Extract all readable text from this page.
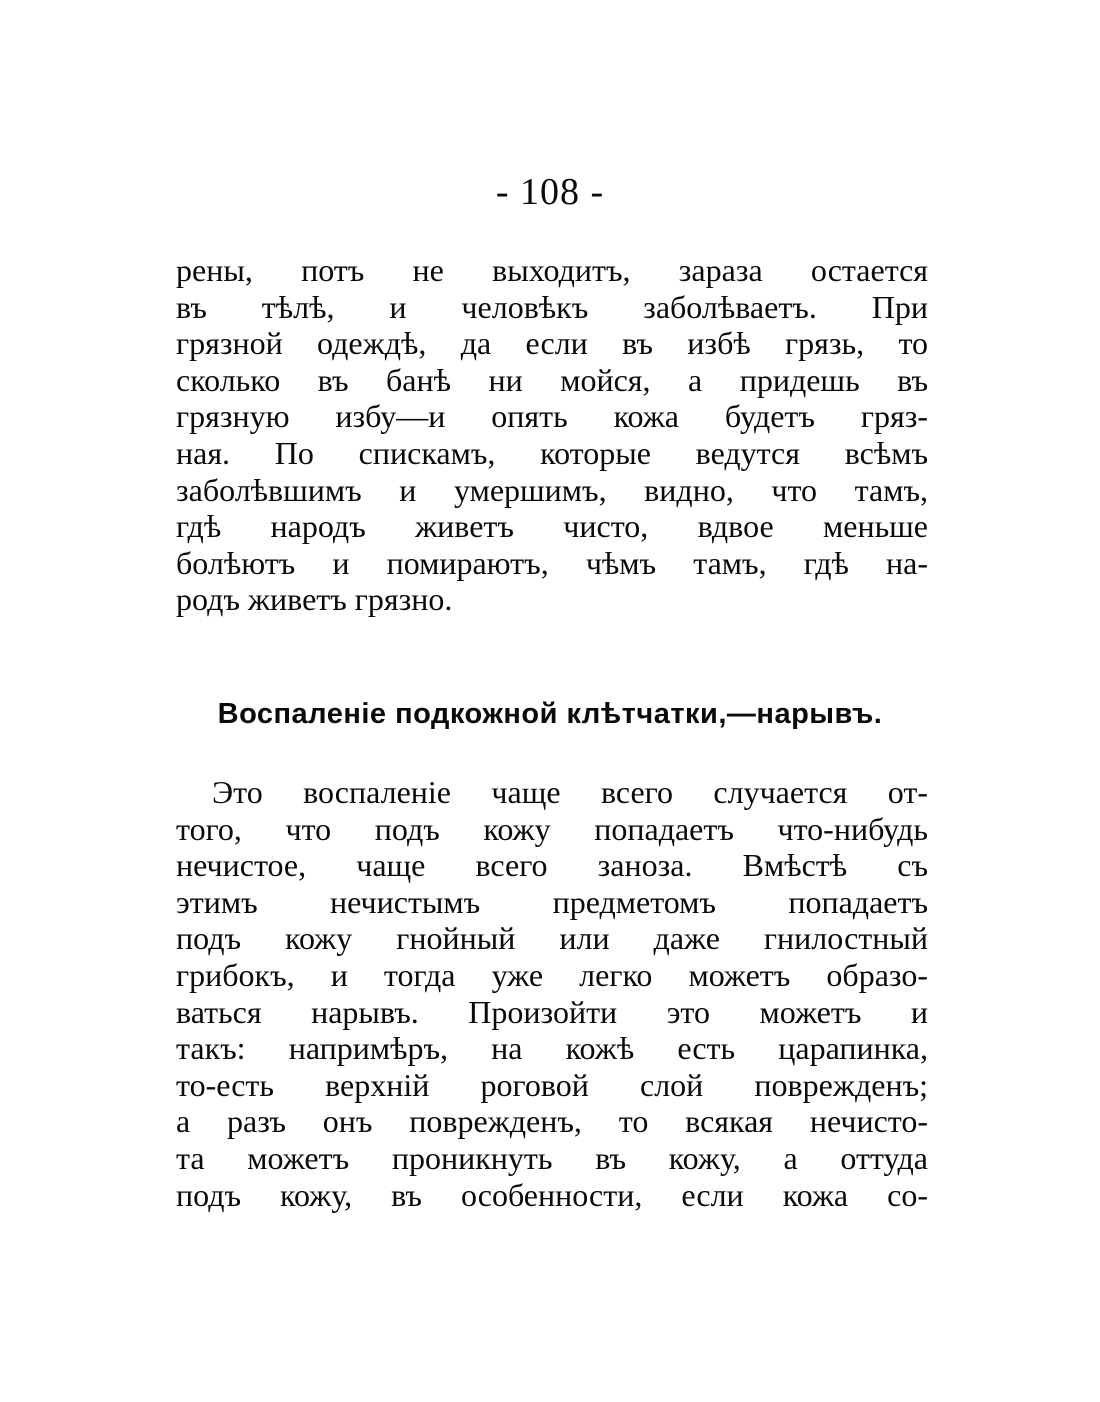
- 108 -
рены, потъ не выходитъ, зараза остается
въ тѣлѣ, и человѣкъ заболѣваетъ. При
грязной одеждѣ, да если въ избѣ грязь, то
сколько въ банѣ ни мойся, а придешь въ
грязную избу—и опять кожа будетъ гряз-
ная. По спискамъ, которые ведутся всѣмъ
заболѣвшимъ и умершимъ, видно, что тамъ,
гдѣ народъ живетъ чисто, вдвое меньше
болѣютъ и помираютъ, чѣмъ тамъ, гдѣ на-
родъ живетъ грязно.
Воспаленіе подкожной клѣтчатки,—нарывъ.
Это воспаленіе чаще всего случается от-
того, что подъ кожу попадаетъ что-нибудь
нечистое, чаще всего заноза. Вмѣстѣ съ
этимъ нечистымъ предметомъ попадаетъ
подъ кожу гнойный или даже гнилостный
грибокъ, и тогда уже легко можетъ образо-
ваться нарывъ. Произойти это можетъ и
такъ: напримѣръ, на кожѣ есть царапинка,
то-есть верхній роговой слой поврежденъ;
а разъ онъ поврежденъ, то всякая нечисто-
та можетъ проникнуть въ кожу, а оттуда
подъ кожу, въ особенности, если кожа со-
